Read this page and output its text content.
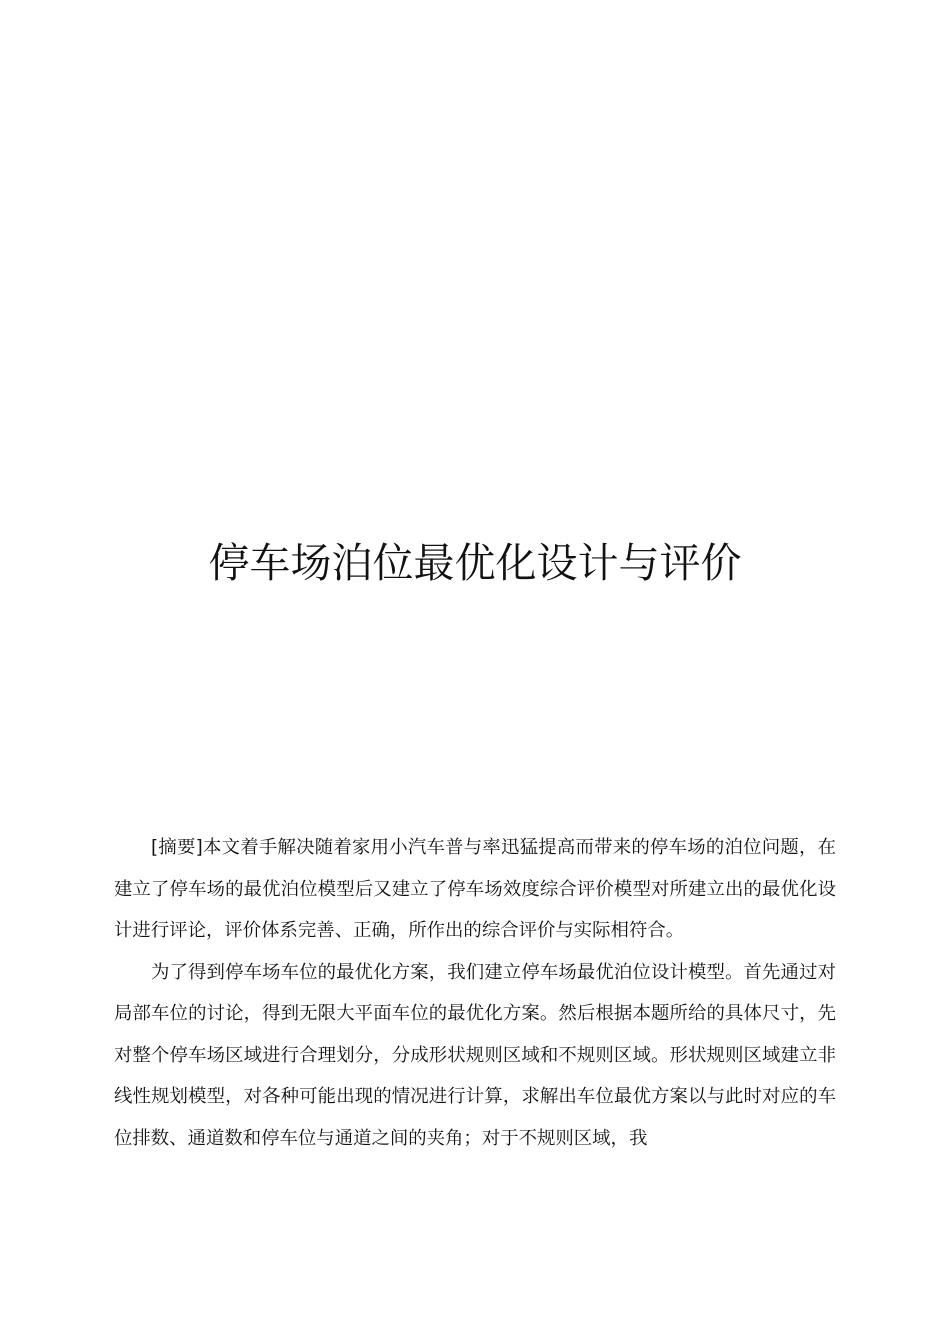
停车场泊位最优化设计与评价

[摘要]本文着手解决随着家用小汽车普与率迅猛提高而带来的停车场的泊位问题，在建立了停车场的最优泊位模型后又建立了停车场效度综合评价模型对所建立出的最优化设计进行评论，评价体系完善、正确，所作出的综合评价与实际相符合。

为了得到停车场车位的最优化方案，我们建立停车场最优泊位设计模型。首先通过对局部车位的讨论，得到无限大平面车位的最优化方案。然后根据本题所给的具体尺寸，先对整个停车场区域进行合理划分，分成形状规则区域和不规则区域。形状规则区域建立非线性规划模型，对各种可能出现的情况进行计算，求解出车位最优方案以与此时对应的车位排数、通道数和停车位与通道之间的夹角；对于不规则区域，我
